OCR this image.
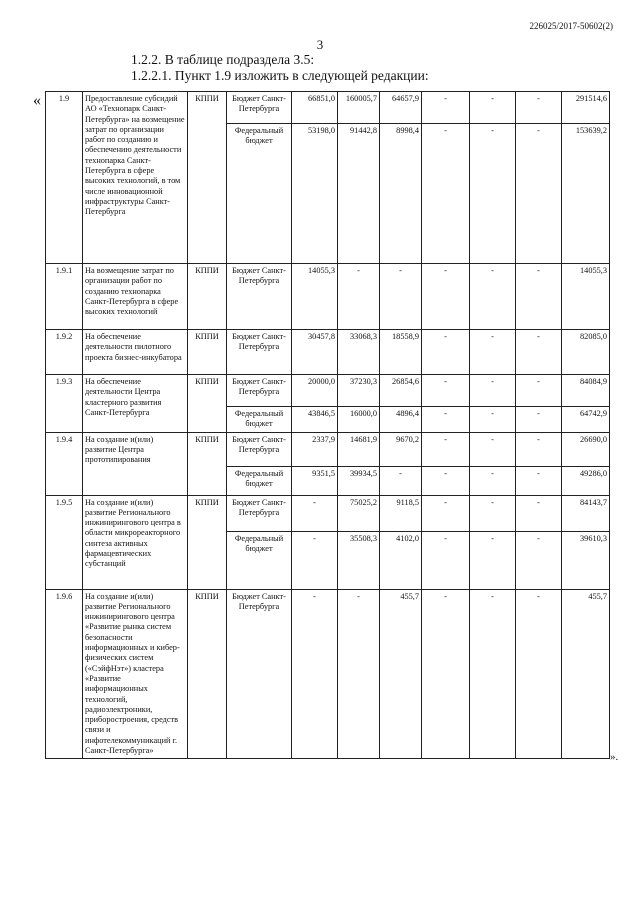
226025/2017-50602(2)
3
1.2.2. В таблице подраздела 3.5:
1.2.2.1. Пункт 1.9 изложить в следующей редакции:
«
».
1.9	Предоставление субсидий АО «Технопарк Санкт-Петербурга» на возмещение затрат по организации работ по созданию и обеспечению деятельности технопарка Санкт-Петербурга в сфере высоких технологий, в том числе инновационной инфраструктуры Санкт-Петербурга	КППИ	Бюджет Санкт-Петербурга	66851,0	160005,7	64657,9	-	-	-	291514,6
			Федеральный бюджет	53198,0	91442,8	8998,4	-	-	-	153639,2
1.9.1	На возмещение затрат по организации работ по созданию технопарка Санкт-Петербурга в сфере высоких технологий	КППИ	Бюджет Санкт-Петербурга	14055,3	-	-	-	-	-	14055,3
1.9.2	На обеспечение деятельности пилотного проекта бизнес-инкубатора	КППИ	Бюджет Санкт-Петербурга	30457,8	33068,3	18558,9	-	-	-	82085,0
1.9.3	На обеспечение деятельности Центра кластерного развития Санкт-Петербурга	КППИ	Бюджет Санкт-Петербурга	20000,0	37230,3	26854,6	-	-	-	84084,9
			Федеральный бюджет	43846,5	16000,0	4896,4	-	-	-	64742,9
1.9.4	На создание и(или) развитие Центра прототипирования	КППИ	Бюджет Санкт-Петербурга	2337,9	14681,9	9670,2	-	-	-	26690,0
			Федеральный бюджет	9351,5	39934,5	-	-	-	-	49286,0
1.9.5	На создание и(или) развитие Регионального инжинирингового центра в области микрореакторного синтеза активных фармацевтических субстанций	КППИ	Бюджет Санкт-Петербурга	-	75025,2	9118,5	-	-	-	84143,7
			Федеральный бюджет	-	35508,3	4102,0	-	-	-	39610,3
1.9.6	На создание и(или) развитие Регионального инжинирингового центра «Развитие рынка систем безопасности информационных и кибер-физических систем («СэйфНэт») кластера «Развитие информационных технологий, радиоэлектроники, приборостроения, средств связи и инфотелекоммуникаций г. Санкт-Петербурга»	КППИ	Бюджет Санкт-Петербурга	-	-	455,7	-	-	-	455,7
